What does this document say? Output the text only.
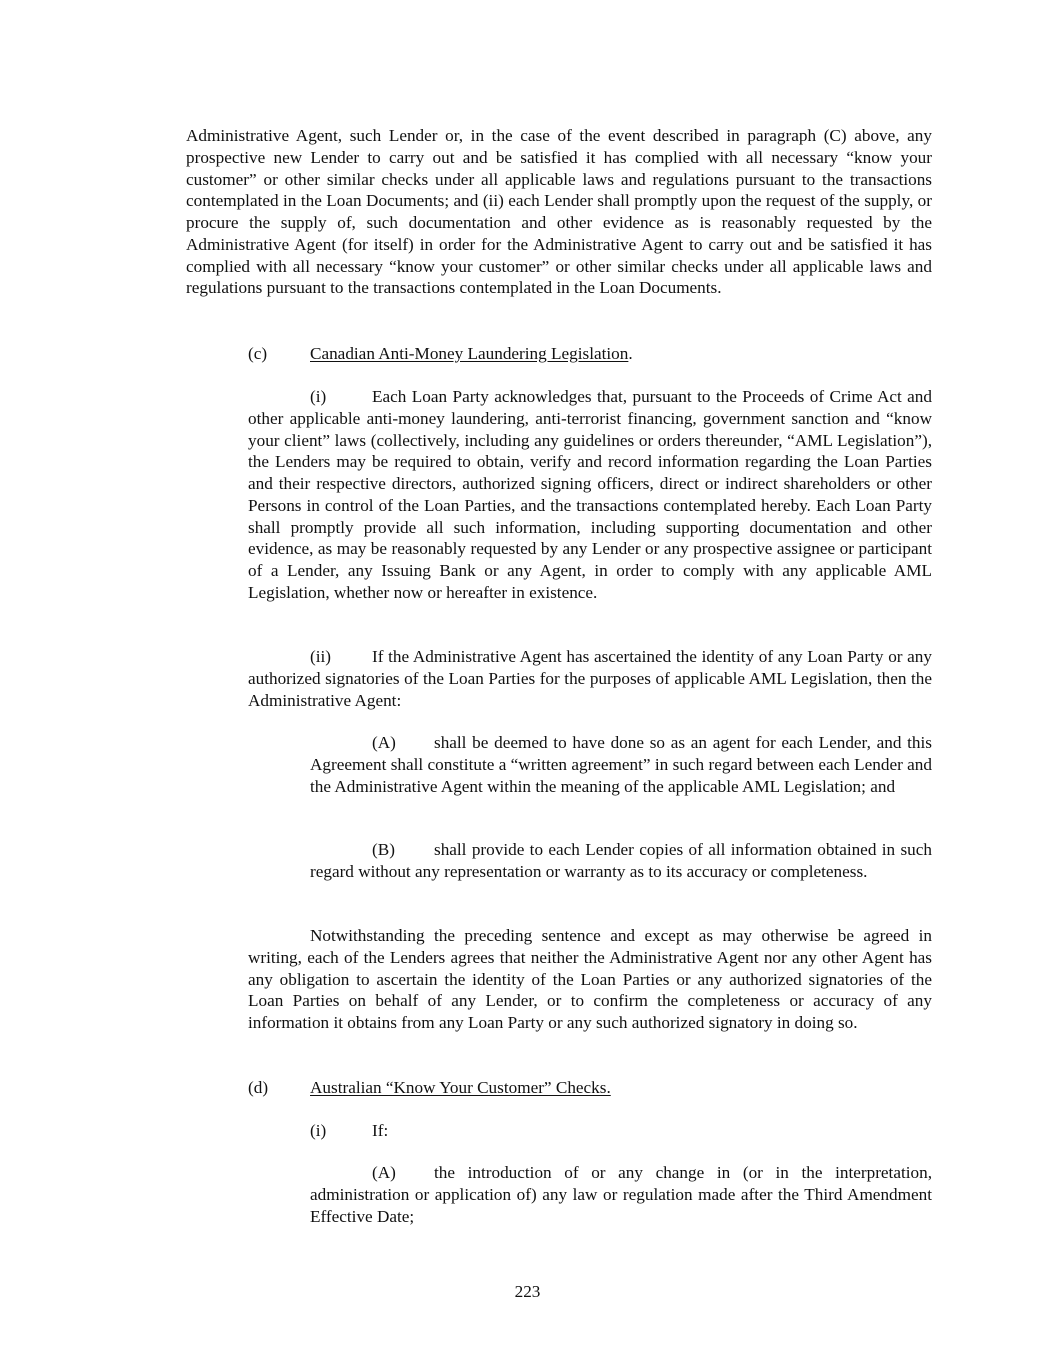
Administrative Agent, such Lender or, in the case of the event described in paragraph (C) above, any prospective new Lender to carry out and be satisfied it has complied with all necessary “know your customer” or other similar checks under all applicable laws and regulations pursuant to the transactions contemplated in the Loan Documents; and (ii) each Lender shall promptly upon the request of the supply, or procure the supply of, such documentation and other evidence as is reasonably requested by the Administrative Agent (for itself) in order for the Administrative Agent to carry out and be satisfied it has complied with all necessary “know your customer” or other similar checks under all applicable laws and regulations pursuant to the transactions contemplated in the Loan Documents.

(c) Canadian Anti-Money Laundering Legislation.

(i)	Each Loan Party acknowledges that, pursuant to the Proceeds of Crime Act and other applicable anti-money laundering, anti-terrorist financing, government sanction and “know your client” laws (collectively, including any guidelines or orders thereunder, “AML Legislation”), the Lenders may be required to obtain, verify and record information regarding the Loan Parties and their respective directors, authorized signing officers, direct or indirect shareholders or other Persons in control of the Loan Parties, and the transactions contemplated hereby. Each Loan Party shall promptly provide all such information, including supporting documentation and other evidence, as may be reasonably requested by any Lender or any prospective assignee or participant of a Lender, any Issuing Bank or any Agent, in order to comply with any applicable AML Legislation, whether now or hereafter in existence.

(ii) If the Administrative Agent has ascertained the identity of any Loan Party or any authorized signatories of the Loan Parties for the purposes of applicable AML Legislation, then the Administrative Agent:

(A) shall be deemed to have done so as an agent for each Lender, and this Agreement shall constitute a “written agreement” in such regard between each Lender and the Administrative Agent within the meaning of the applicable AML Legislation; and

(B) shall provide to each Lender copies of all information obtained in such regard without any representation or warranty as to its accuracy or completeness.

Notwithstanding the preceding sentence and except as may otherwise be agreed in writing, each of the Lenders agrees that neither the Administrative Agent nor any other Agent has any obligation to ascertain the identity of the Loan Parties or any authorized signatories of the Loan Parties on behalf of any Lender, or to confirm the completeness or accuracy of any information it obtains from any Loan Party or any such authorized signatory in doing so.

(d) Australian “Know Your Customer” Checks.

(i)	If:

(A) the introduction of or any change in (or in the interpretation, administration or application of) any law or regulation made after the Third Amendment Effective Date;

223
